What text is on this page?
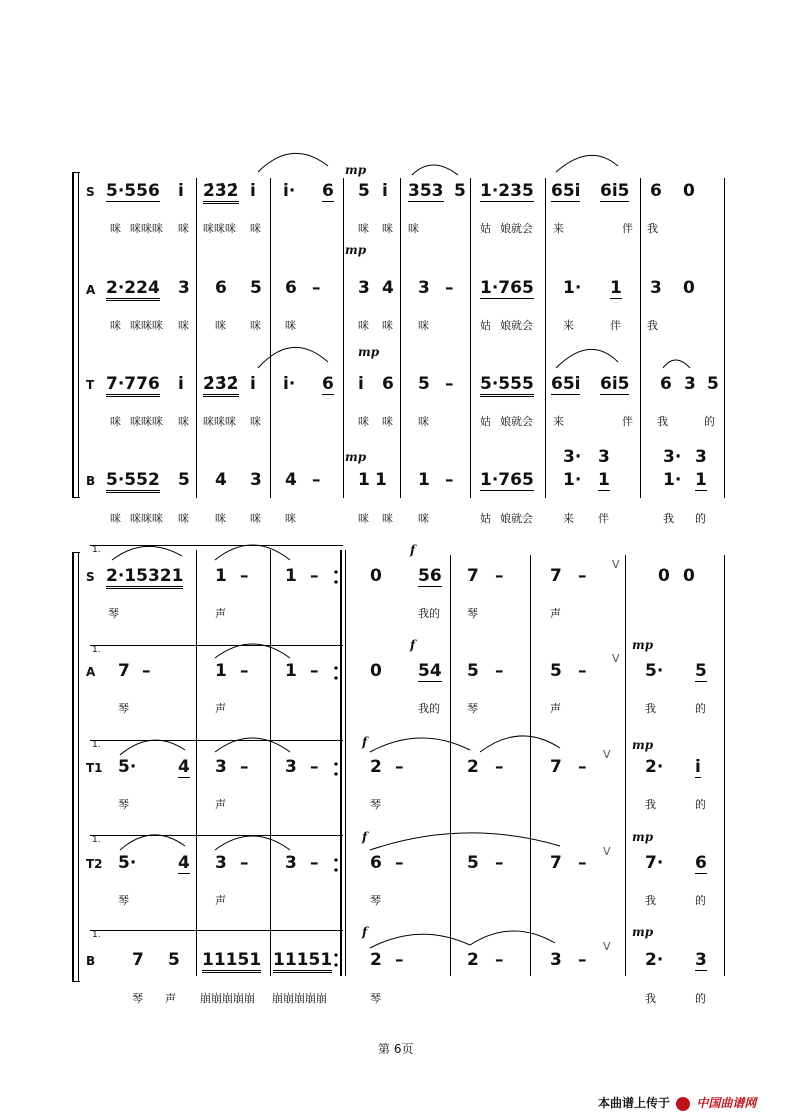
mp
mp
mp
mp
S 5·556 i 2̇3̇2̇ i i· 6 5 i 353 5 1·235 65i 6i5 6 0
咪 咪咪咪 咪 咪咪咪 咪	咪 咪 咪	姑 娘就会 来	伴 我
A 2·224 3 6 5 6 – 3 4 3 – 1·765 1· 1 3 0
咪 咪咪咪 咪 咪 咪 咪	咪 咪 咪	姑 娘就会	来	伴 我
T 7·776 i 2̇3̇2̇ i i· 6 i 6 5 – 5·555 65i 6i5 6 3 5
咪 咪咪咪 咪 咪咪咪 咪	咪 咪 咪	姑 娘就会 来	伴 我	的
3· 3	3· 3
B 5·552 5 4 3 4 – 1 1 1 – 1·765 1· 1	1· 1
咪 咪咪咪 咪 咪 咪 咪	咪 咪 咪	姑 娘就会	来 伴	我 的
1.
1.
1.
1.
1.
f
f
f
f
f
mp
mp
mp
mp
V
V
V
V
V
S 2·15321 1 – 1 –	0 56 7 –	7 –	0 0
琴	声	我的 琴	声
A 7 –	1 – 1 –	0 54 5 –	5 –	5· 5
琴	声	我的 琴	声	我	的
T1 5· 4 3 – 3 –	2 –	2 –	7 –	2· i
琴	声	琴	我	的
T2 5· 4 3 – 3 –	6 –	5 –	7 –	7· 6
琴	声	琴	我	的
B 7 5 11151 11151 2 –	2 –	3 –	2· 3
琴 声 崩崩崩崩崩 崩崩崩崩崩	琴	我	的
第 6页
本曲谱上传于 中国曲谱网
